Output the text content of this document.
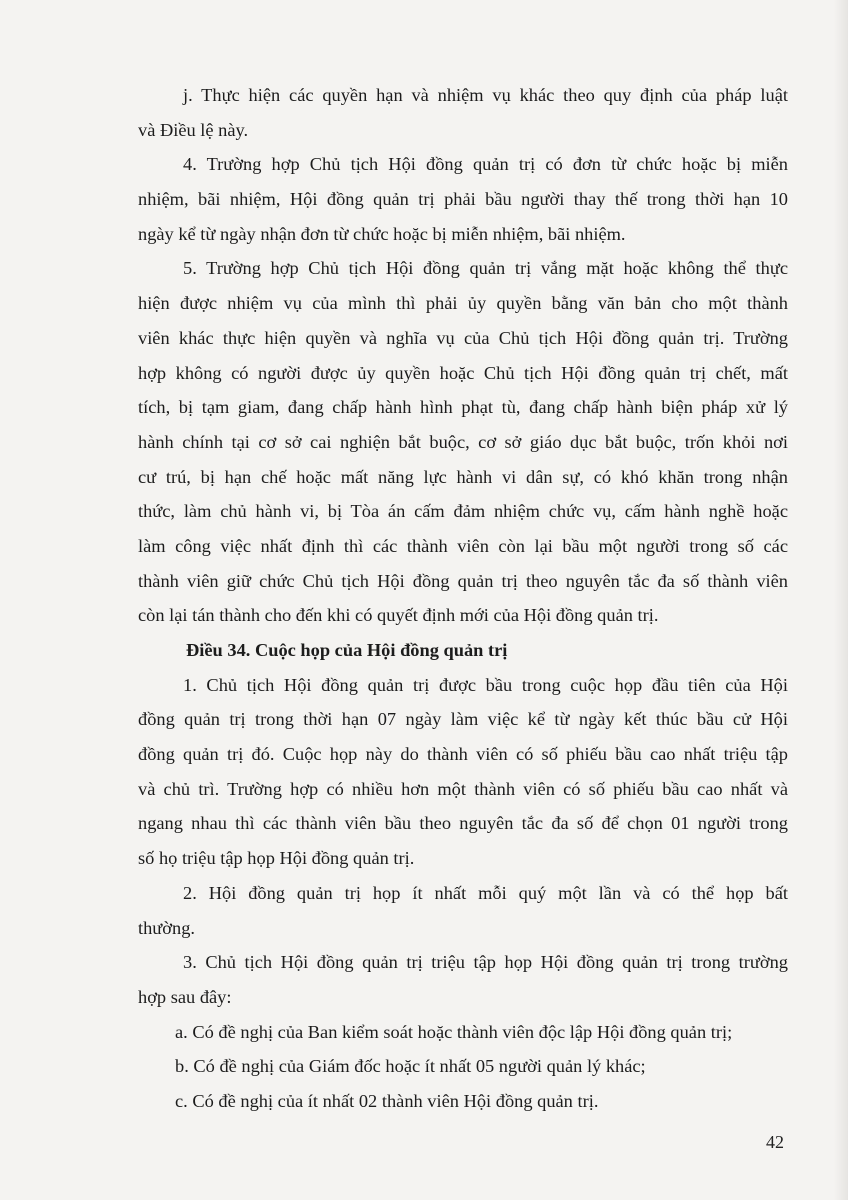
j. Thực hiện các quyền hạn và nhiệm vụ khác theo quy định của pháp luật
và Điều lệ này.
4. Trường hợp Chủ tịch Hội đồng quản trị có đơn từ chức hoặc bị miễn
nhiệm, bãi nhiệm, Hội đồng quản trị phải bầu người thay thế trong thời hạn 10
ngày kể từ ngày nhận đơn từ chức hoặc bị miễn nhiệm, bãi nhiệm.
5. Trường hợp Chủ tịch Hội đồng quản trị vắng mặt hoặc không thể thực
hiện được nhiệm vụ của mình thì phải ủy quyền bằng văn bản cho một thành
viên khác thực hiện quyền và nghĩa vụ của Chủ tịch Hội đồng quản trị. Trường
hợp không có người được ủy quyền hoặc Chủ tịch Hội đồng quản trị chết, mất
tích, bị tạm giam, đang chấp hành hình phạt tù, đang chấp hành biện pháp xử lý
hành chính tại cơ sở cai nghiện bắt buộc, cơ sở giáo dục bắt buộc, trốn khỏi nơi
cư trú, bị hạn chế hoặc mất năng lực hành vi dân sự, có khó khăn trong nhận
thức, làm chủ hành vi, bị Tòa án cấm đảm nhiệm chức vụ, cấm hành nghề hoặc
làm công việc nhất định thì các thành viên còn lại bầu một người trong số các
thành viên giữ chức Chủ tịch Hội đồng quản trị theo nguyên tắc đa số thành viên
còn lại tán thành cho đến khi có quyết định mới của Hội đồng quản trị.
Điều 34. Cuộc họp của Hội đồng quản trị
1. Chủ tịch Hội đồng quản trị được bầu trong cuộc họp đầu tiên của Hội
đồng quản trị trong thời hạn 07 ngày làm việc kể từ ngày kết thúc bầu cử Hội
đồng quản trị đó. Cuộc họp này do thành viên có số phiếu bầu cao nhất triệu tập
và chủ trì. Trường hợp có nhiều hơn một thành viên có số phiếu bầu cao nhất và
ngang nhau thì các thành viên bầu theo nguyên tắc đa số để chọn 01 người trong
số họ triệu tập họp Hội đồng quản trị.
2. Hội đồng quản trị họp ít nhất mỗi quý một lần và có thể họp bất
thường.
3. Chủ tịch Hội đồng quản trị triệu tập họp Hội đồng quản trị trong trường
hợp sau đây:
a. Có đề nghị của Ban kiểm soát hoặc thành viên độc lập Hội đồng quản trị;
b. Có đề nghị của Giám đốc hoặc ít nhất 05 người quản lý khác;
c. Có đề nghị của ít nhất 02 thành viên Hội đồng quản trị.
42
